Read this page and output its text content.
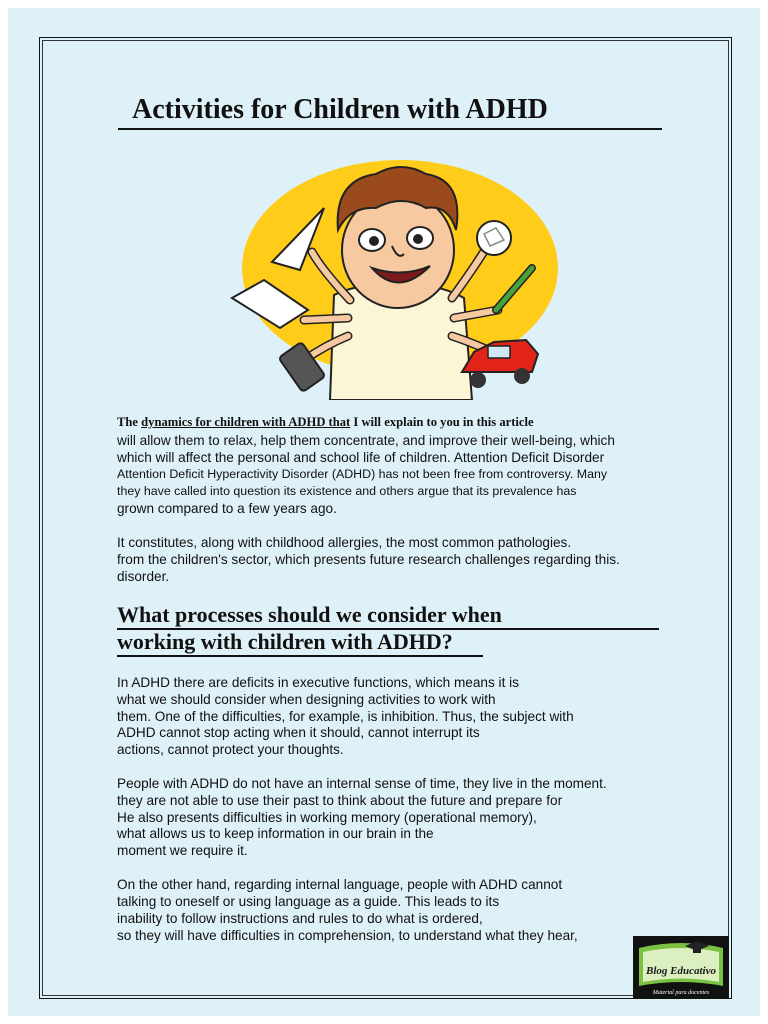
Activities for Children with ADHD

The dynamics for children with ADHD that I will explain to you in this article

will allow them to relax, help them concentrate, and improve their well-being, which

which will affect the personal and school life of children. Attention Deficit Disorder

Attention Deficit Hyperactivity Disorder (ADHD) has not been free from controversy. Many

they have called into question its existence and others argue that its prevalence has

grown compared to a few years ago.

It constitutes, along with childhood allergies, the most common pathologies.

from the children's sector, which presents future research challenges regarding this.

disorder.

What processes should we consider when
working with children with ADHD?

In ADHD there are deficits in executive functions, which means it is

what we should consider when designing activities to work with

them. One of the difficulties, for example, is inhibition. Thus, the subject with

ADHD cannot stop acting when it should, cannot interrupt its

actions, cannot protect your thoughts.

People with ADHD do not have an internal sense of time, they live in the moment.

they are not able to use their past to think about the future and prepare for

He also presents difficulties in working memory (operational memory),

what allows us to keep information in our brain in the

moment we require it.

On the other hand, regarding internal language, people with ADHD cannot

talking to oneself or using language as a guide. This leads to its

inability to follow instructions and rules to do what is ordered,

so they will have difficulties in comprehension, to understand what they hear,

Blog Educativo
Material para docentes
